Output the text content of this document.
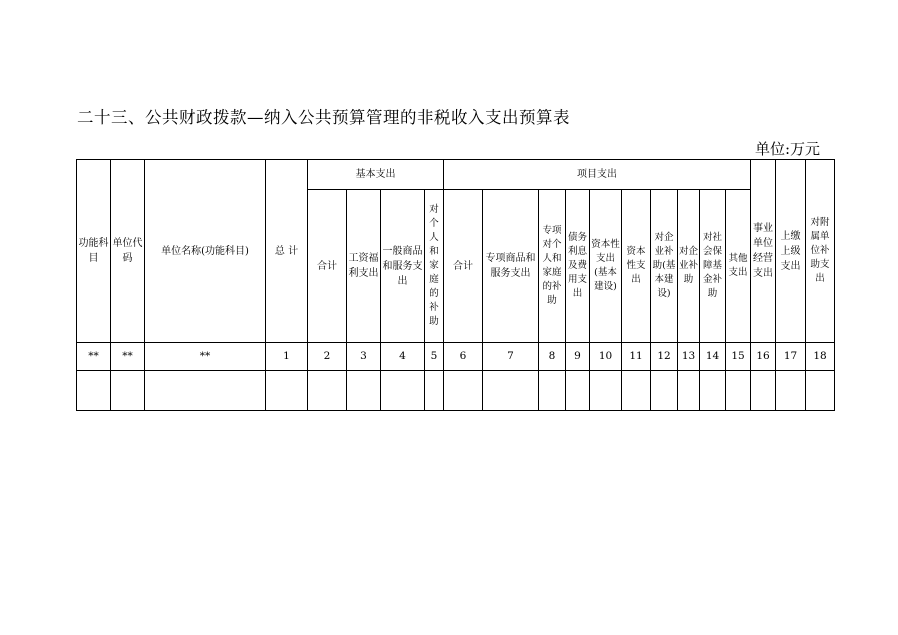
二十三、公共财政拨款—纳入公共预算管理的非税收入支出预算表
单位:万元
功能科目	单位代码	单位名称(功能科目)	总 计	基本支出				项目支出										事业单位经营支出	上缴上级支出	对附属单位补助支出

				合计	工资福利支出	一般商品和服务支出	对个人和家庭的补助	合计	专项商品和服务支出	专项对个人和家庭的补助	债务利息及费用支出	资本性支出(基本建设)	资本性支出	对企业补助(基本建设)	对企业补助	对社会保障基金补助	其他支出			

**	**	**	1	2	3	4	5	6	7	8	9	10	11	12	13	14	15	16	17	18
